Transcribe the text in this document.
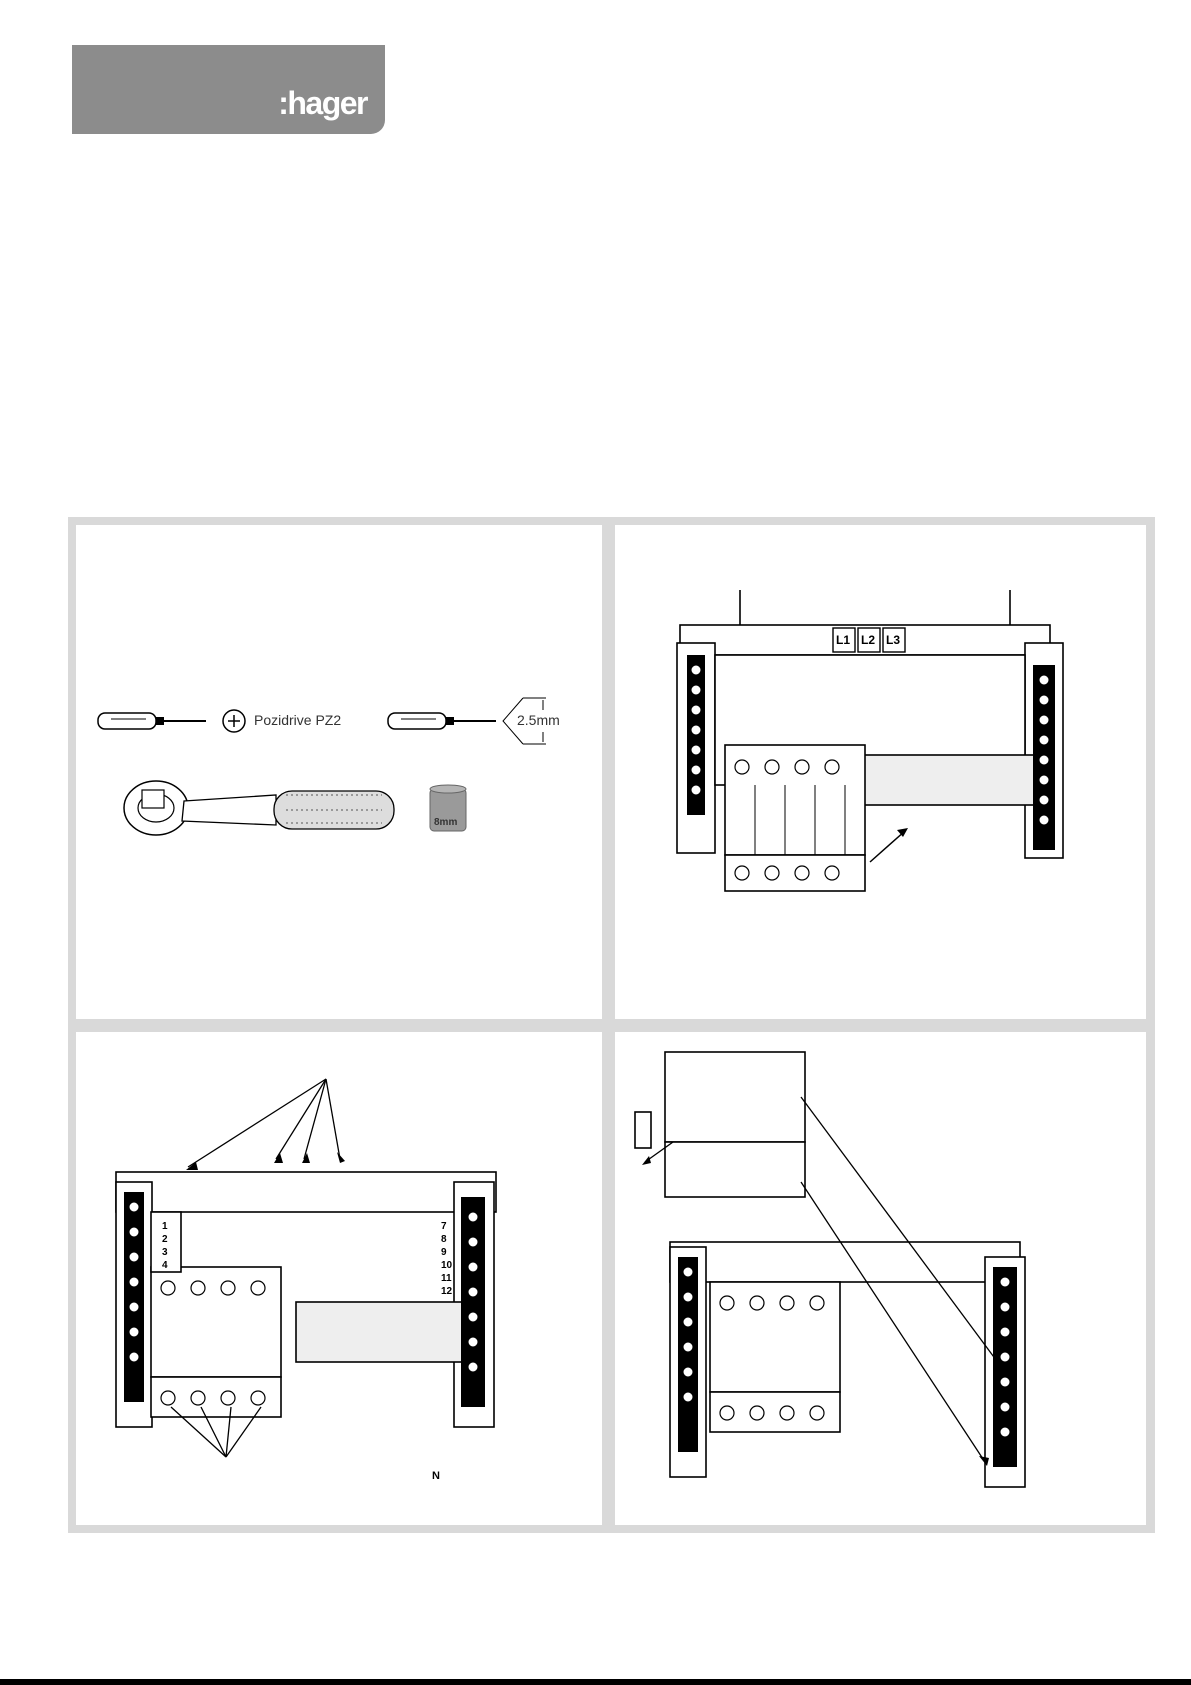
:hager
Pozidrive PZ2	2.5mm
8mm
L1 L2 L3
1
2
3
4
7
8
9
10
11
12
N
